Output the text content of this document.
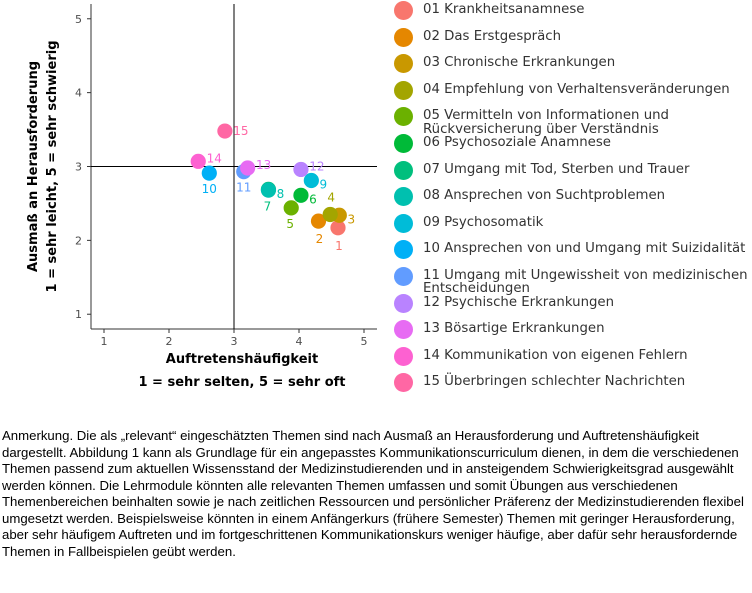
1	2	3	4	5
1
2
3
4
5
1
2
3
4
5
6
7
8
9
10 11
12
13
14
15
Auftretenshäufigkeit
1 = sehr selten, 5 = sehr oft
Ausmaß an Herausforderung 1 = sehr leicht, 5 = sehr schwierig
01 Krankheitsanamnese
02 Das Erstgespräch
03 Chronische Erkrankungen
04 Empfehlung von Verhaltensveränderungen
05 Vermitteln von Informationen und
Rückversicherung über Verständnis
06 Psychosoziale Anamnese
07 Umgang mit Tod, Sterben und Trauer
08 Ansprechen von Suchtproblemen
09 Psychosomatik
10 Ansprechen von und Umgang mit Suizidalität
11 Umgang mit Ungewissheit von medizinischen
Entscheidungen
12 Psychische Erkrankungen
13 Bösartige Erkrankungen
14 Kommunikation von eigenen Fehlern
15 Überbringen schlechter Nachrichten

Anmerkung. Die als „relevant“ eingeschätzten Themen sind nach Ausmaß an Herausforderung und Auftretenshäufigkeit dargestellt. Abbildung 1 kann als Grundlage für ein angepasstes Kommunikationscurriculum dienen, in dem die verschiedenen Themen passend zum aktuellen Wissensstand der Medizinstudierenden und in ansteigendem Schwierigkeitsgrad ausgewählt werden können. Die Lehrmodule könnten alle relevanten Themen umfassen und somit Übungen aus verschiedenen Themenbereichen beinhalten sowie je nach zeitlichen Ressourcen und persönlicher Präferenz der Medizinstudierenden flexibel umgesetzt werden. Beispielsweise könnten in einem Anfängerkurs (frühere Semester) Themen mit geringer Herausforderung, aber sehr häufigem Auftreten und im fortgeschrittenen Kommunikationskurs weniger häufige, aber dafür sehr herausfordernde Themen in Fallbeispielen geübt werden.
